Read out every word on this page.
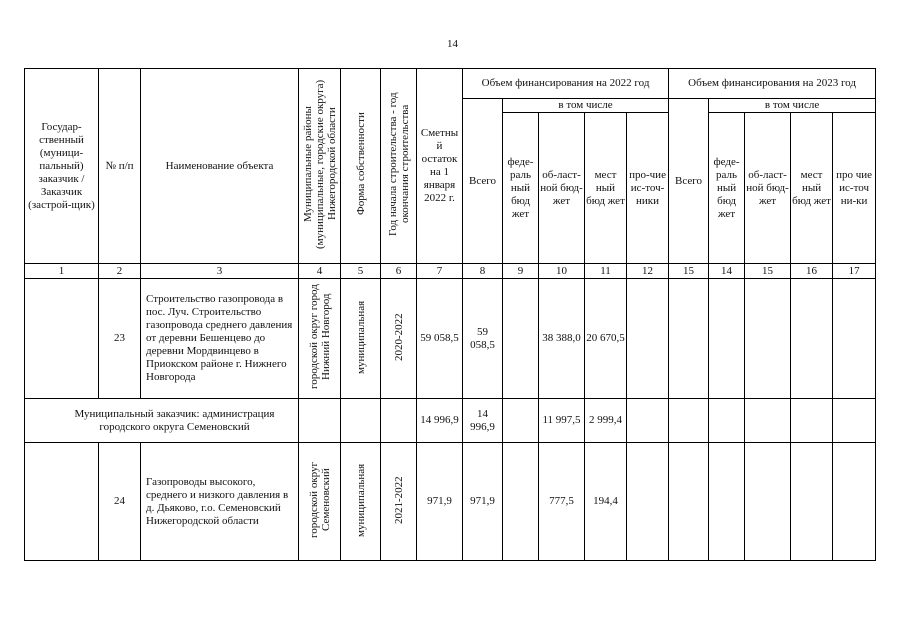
14
Государ-ственный (муници-пальный) заказчик / Заказчик (застрой-щик)	№ п/п	Наименование объекта	Муниципальные районы (муниципальные, городские округа) Нижегородской области	Форма собственности	Год начала строительства - год окончания строительства	Сметный остаток на 1 января 2022 г.	Объем финансирования на 2022 год					Объем финансирования на 2023 год				
							Всего	в том числе				Всего	в том числе			
								феде-раль ный бюд жет	об-ласт-ной бюд-жет	мест ный бюд жет	про-чие ис-точ-ники		феде-раль ный бюд жет	об-ласт-ной бюд-жет	мест ный бюд жет	про чие ис-точ ни-ки
1	2	3	4	5	6	7	8	9	10	11	12	15	14	15	16	17
	23	Строительство газопровода в пос. Луч. Строительство газопровода среднего давления от деревни Бешенцево до деревни Мордвинцево в Приокском районе г. Нижнего Новгорода	городской округ город Нижний Новгород	муниципальная	2020-2022	59 058,5	59 058,5		38 388,0	20 670,5						
Муниципальный заказчик: администрация городского округа Семеновский						14 996,9	14 996,9		11 997,5	2 999,4						
	24	Газопроводы высокого, среднего и низкого давления в д. Дьяково, г.о. Семеновский Нижегородской области	городской округ Семеновский	муниципальная	2021-2022	971,9	971,9		777,5	194,4						
